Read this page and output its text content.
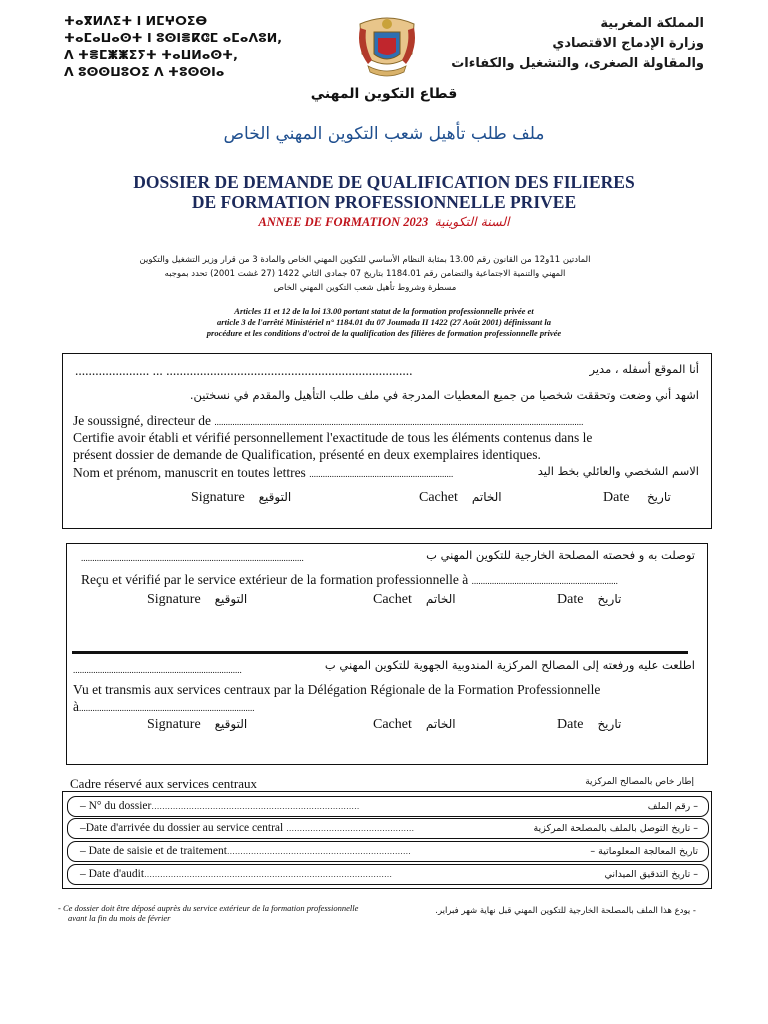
ⵜⴰⴳⵍⴷⵉⵜ ⵏ ⵍⵎⵖⵔⵉⴱ
ⵜⴰⵎⴰⵡⴰⵙⵜ ⵏ ⵓⵙⵏⴻⴽⵛⵎ ⴰⵎⴰⴷⵓⵍ,
ⴷ ⵜⴻⵎⵥⵥⵉⵢⵜ ⵜⴰⵡⵍⴰⵙⵜ,
ⴷ ⵓⵙⵙⵡⵓⵔⵉ ⴷ ⵜⵓⵙⵙⵏⴰ
المملكة المغربية
وزارة الإدماج الاقتصادي
والمقاولة الصغرى، والتشغيل والكفاءات
قطاع التكوين المهني
ملف طلب تأهيل شعب التكوين المهني الخاص
DOSSIER DE DEMANDE DE QUALIFICATION DES FILIERES
DE FORMATION PROFESSIONNELLE PRIVEE
ANNEE DE FORMATION 2023 السنة التكوينية
المادتين 11و12 من القانون رقم 13.00 بمثابة النظام الأساسي للتكوين المهني الخاص والمادة 3 من قرار وزير التشغيل والتكوين
المهني والتنمية الاجتماعية والتضامن رقم 1184.01 بتاريخ 07 جمادى الثاني 1422 (27 غشت 2001) تحدد بموجبه
مسطرة وشروط تأهيل شعب التكوين المهني الخاص
Articles 11 et 12 de la loi 13.00 portant statut de la formation professionnelle privée et
article 3 de l'arrêté Ministériel n° 1184.01 du 07 Joumada II 1422 (27 Août 2001) définissant la
procédure et les conditions d'octroi de la qualification des filières de formation professionnelle privée
...................... ... .........................................................................	أنا الموقع أسفله ، مدير
اشهد أني وضعت وتحققت شخصيا من جميع المعطيات المدرجة في ملف طلب التأهيل والمقدم في نسختين.
Je soussigné, directeur de ....................................................................................................................................................................
Certifie avoir établi et vérifié personnellement l'exactitude de tous les éléments contenus dans le
présent dossier de demande de Qualification, présenté en deux exemplaires identiques.
Nom et prénom, manuscrit en toutes lettres ................................................................	الاسم الشخصي والعائلي بخط اليد
Signature التوقيع	Cachet الخاتم	Date تاريخ
...................................................................................................	توصلت به و فحصته المصلحة الخارجية للتكوين المهني ب
Reçu et vérifié par le service extérieur de la formation professionnelle à .................................................................
Signature التوقيع	Cachet الخاتم	Date تاريخ
...........................................................................	اطلعت عليه ورفعته إلى المصالح المركزية المندوبية الجهوية للتكوين المهني ب
Vu et transmis aux services centraux par la Délégation Régionale de la Formation Professionnelle
à..............................................................................
Signature التوقيع	Cachet الخاتم	Date تاريخ
Cadre réservé aux services centraux	إطار خاص بالمصالح المركزية
– N° du dossier……………………………………………………………………	– رقم الملف
–Date d'arrivée du dossier au service central …………………………………………	– تاريخ التوصل بالملف بالمصلحة المركزية
– Date de saisie et de traitement……………………………………………………………	تاريخ المعالجة المعلوماتية –
– Date d'audit…………………………………………………………………………………	– تاريخ التدقيق الميداني
- Ce dossier doit être déposé auprès du service extérieur de la formation professionnelle
avant la fin du mois de février
- يودع هذا الملف بالمصلحة الخارجية للتكوين المهني قبل نهاية شهر فبراير.
